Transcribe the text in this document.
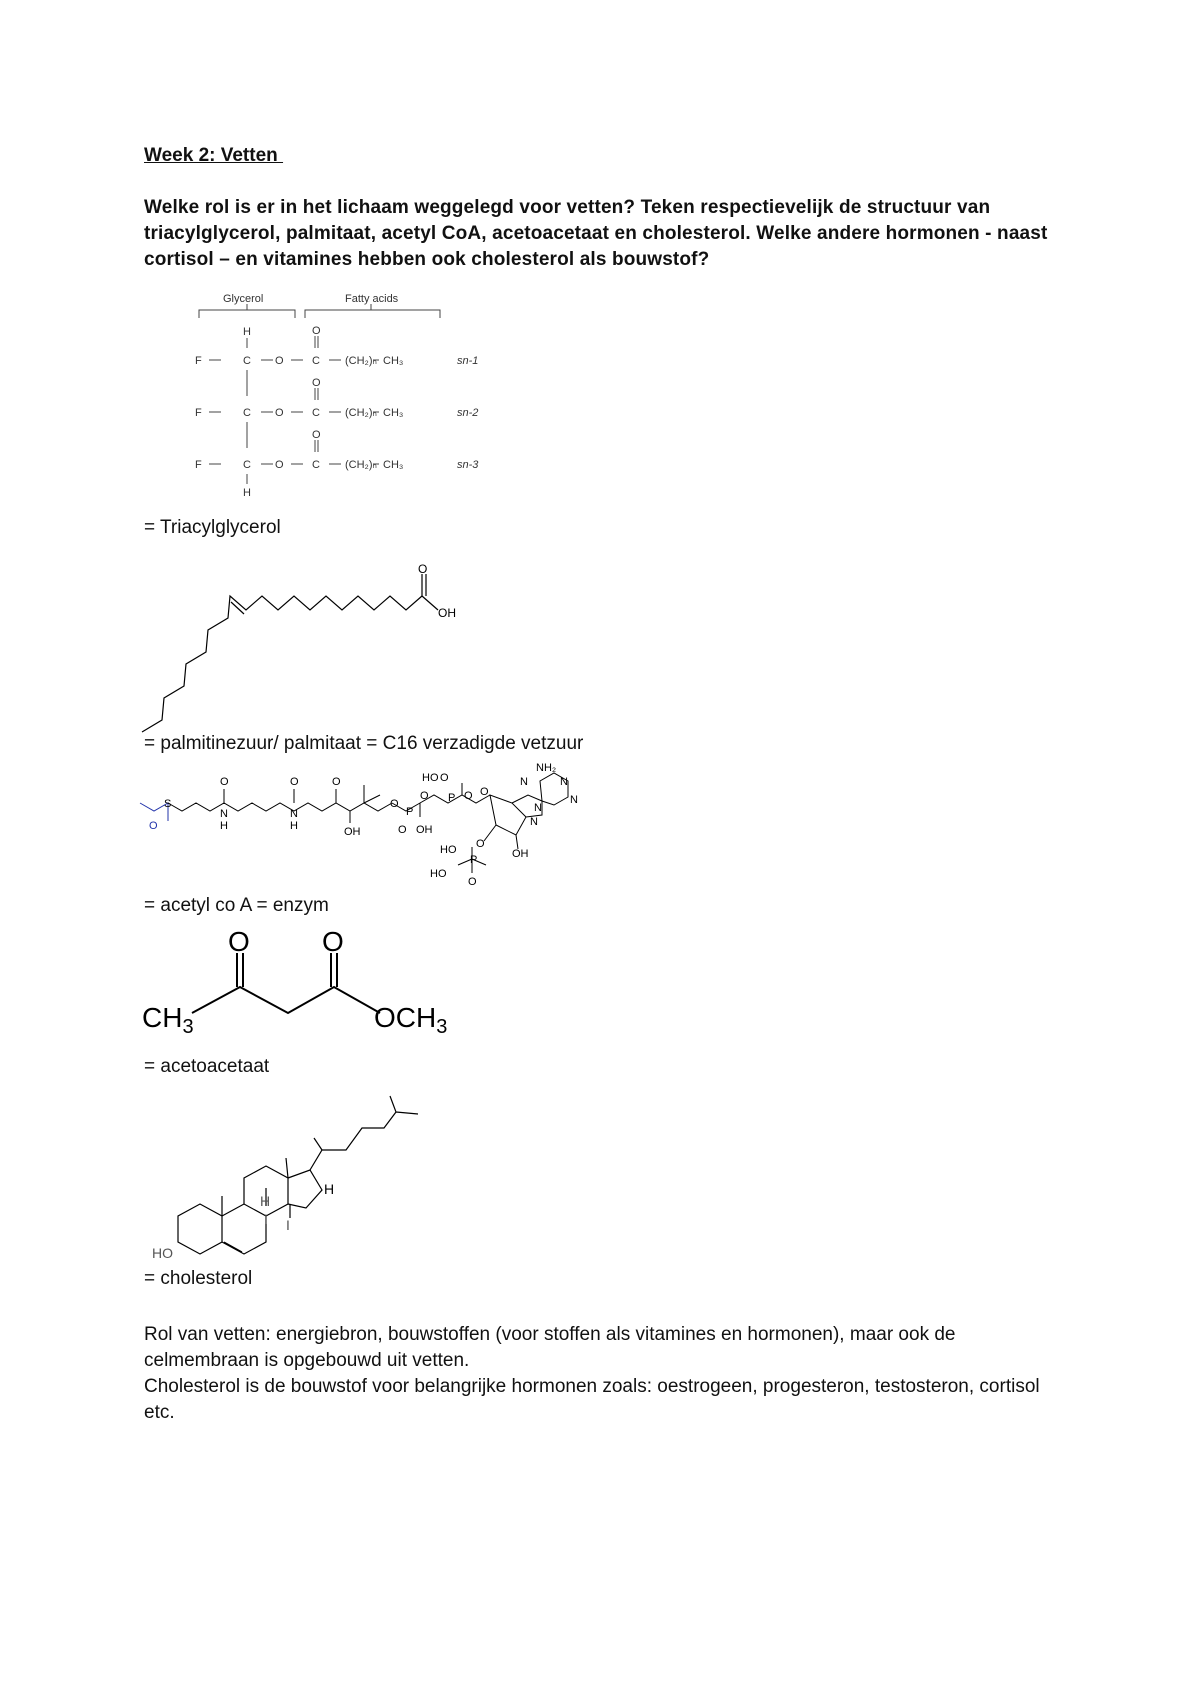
Week 2: Vetten
Welke rol is er in het lichaam weggelegd voor vetten? Teken respectievelijk de structuur van triacylglycerol, palmitaat, acetyl CoA, acetoacetaat en cholesterol. Welke andere hormonen - naast cortisol – en vitamines hebben ook cholesterol als bouwstof?
Glycerol	Fatty acids
H	O
F	C O	C (CH₂)ₙ CH₃
O
F	C O	C (CH₂)ₙ CH₃
O
F	C O	C (CH₂)ₙ CH₃
H
sn-1
sn-2
sn-3
= Triacylglycerol
O
OH
= palmitinezuur/ palmitaat = C16 verzadigde vetzuur
O
S
O
N
H
O
N
H
O
OH
O
P
O OH
O
HO O
P O O
N
NH₂
N
N
N
N
O
OH
HO
P
HO
O
= acetyl co A = enzym
O	O
$CH_3$	$OCH_3$
= acetoacetaat
HO
H
H
I
I
= cholesterol

Rol van vetten: energiebron, bouwstoffen (voor stoffen als vitamines en hormonen), maar ook de celmembraan is opgebouwd uit vetten.

Cholesterol is de bouwstof voor belangrijke hormonen zoals: oestrogeen, progesteron, testosteron, cortisol etc.
